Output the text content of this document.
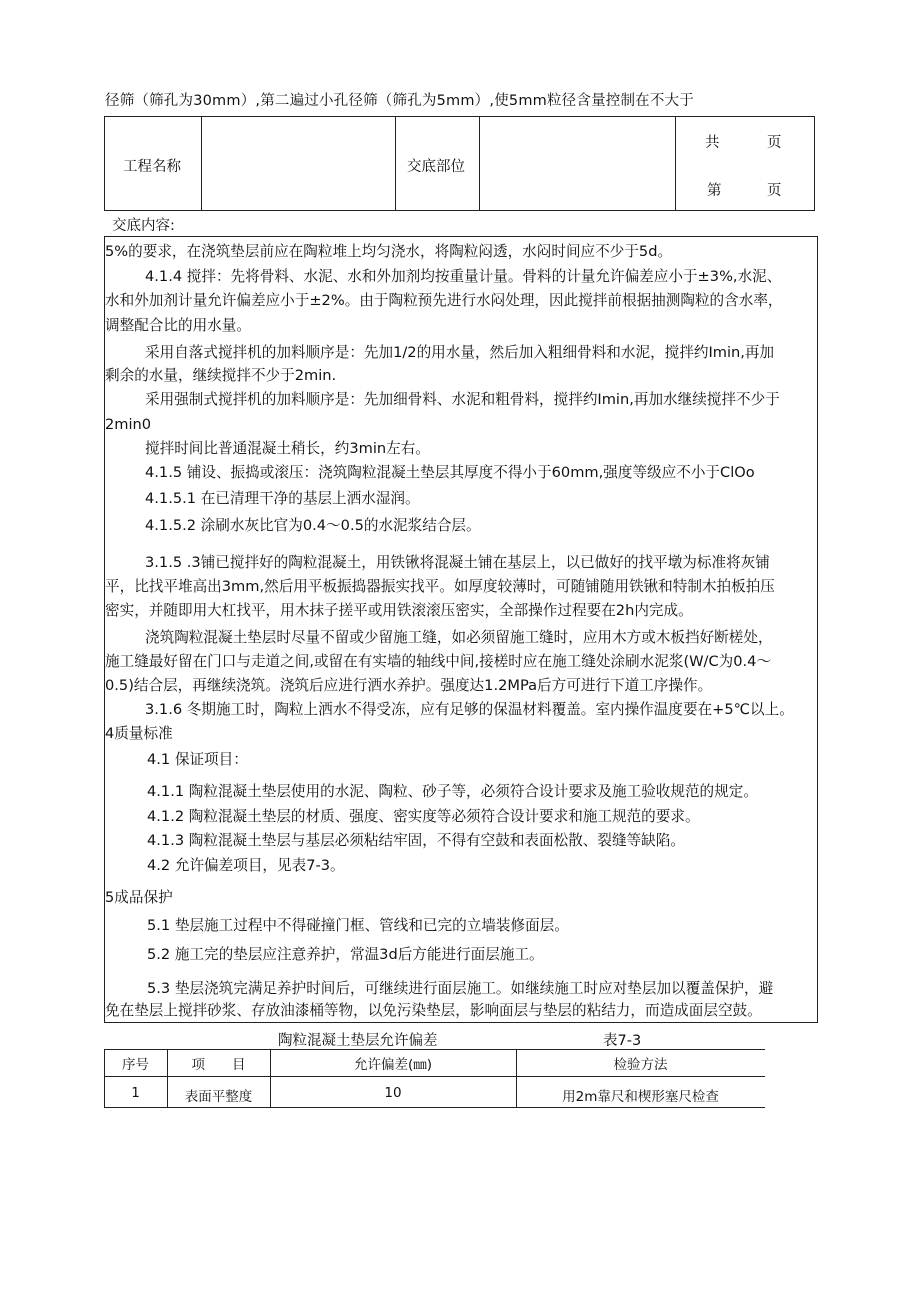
径筛（筛孔为30mm）,第二遍过小孔径筛（筛孔为5mm）,使5mm粒径含量控制在不大于
工程名称	交底部位
共	页
第	页
交底内容:
5%的要求，在浇筑垫层前应在陶粒堆上均匀浇水，将陶粒闷透，水闷时间应不少于5d。
4.1.4 搅拌：先将骨料、水泥、水和外加剂均按重量计量。骨料的计量允许偏差应小于±3%,水泥、
水和外加剂计量允许偏差应小于±2%。由于陶粒预先进行水闷处理，因此搅拌前根据抽测陶粒的含水率，
调整配合比的用水量。
采用自落式搅拌机的加料顺序是：先加1/2的用水量，然后加入粗细骨料和水泥，搅拌约Imin,再加
剩余的水量，继续搅拌不少于2min.
采用强制式搅拌机的加料顺序是：先加细骨料、水泥和粗骨料，搅拌约Imin,再加水继续搅拌不少于
2min0
搅拌时间比普通混凝土稍长，约3min左右。
4.1.5 铺设、振捣或滚压：浇筑陶粒混凝土垫层其厚度不得小于60mm,强度等级应不小于ClOo
4.1.5.1 在已清理干净的基层上洒水湿润。
4.1.5.2 涂刷水灰比官为0.4～0.5的水泥浆结合层。
3.1.5 .3铺已搅拌好的陶粒混凝土，用铁锹将混凝土铺在基层上，以已做好的找平墩为标准将灰铺
平，比找平堆高出3mm,然后用平板振捣器振实找平。如厚度较薄时，可随铺随用铁锹和特制木拍板拍压
密实，并随即用大杠找平，用木抹子搓平或用铁滚滚压密实，全部操作过程要在2h内完成。
浇筑陶粒混凝土垫层时尽量不留或少留施工缝，如必须留施工缝时，应用木方或木板挡好断槎处，
施工缝最好留在门口与走道之间,或留在有实墙的轴线中间,接槎时应在施工缝处涂刷水泥浆(W/C为0.4～
0.5)结合层，再继续浇筑。浇筑后应进行洒水养护。强度达1.2MPa后方可进行下道工序操作。
3.1.6 冬期施工时，陶粒上洒水不得受冻，应有足够的保温材料覆盖。室内操作温度要在+5℃以上。
4质量标准
4.1 保证项目：
4.1.1 陶粒混凝土垫层使用的水泥、陶粒、砂子等，必须符合设计要求及施工验收规范的规定。
4.1.2 陶粒混凝土垫层的材质、强度、密实度等必须符合设计要求和施工规范的要求。
4.1.3 陶粒混凝土垫层与基层必须粘结牢固，不得有空鼓和表面松散、裂缝等缺陷。
4.2 允许偏差项目，见表7-3。
5成品保护
5.1 垫层施工过程中不得碰撞门框、管线和已完的立墙装修面层。
5.2 施工完的垫层应注意养护，常温3d后方能进行面层施工。
5.3 垫层浇筑完满足养护时间后，可继续进行面层施工。如继续施工时应对垫层加以覆盖保护，避
免在垫层上搅拌砂浆、存放油漆桶等物，以免污染垫层，影响面层与垫层的粘结力，而造成面层空鼓。
陶粒混凝土垫层允许偏差	表7-3
序号	项　　目	允许偏差(㎜)	检验方法
1	表面平整度	10	用2m靠尺和楔形塞尺检查
